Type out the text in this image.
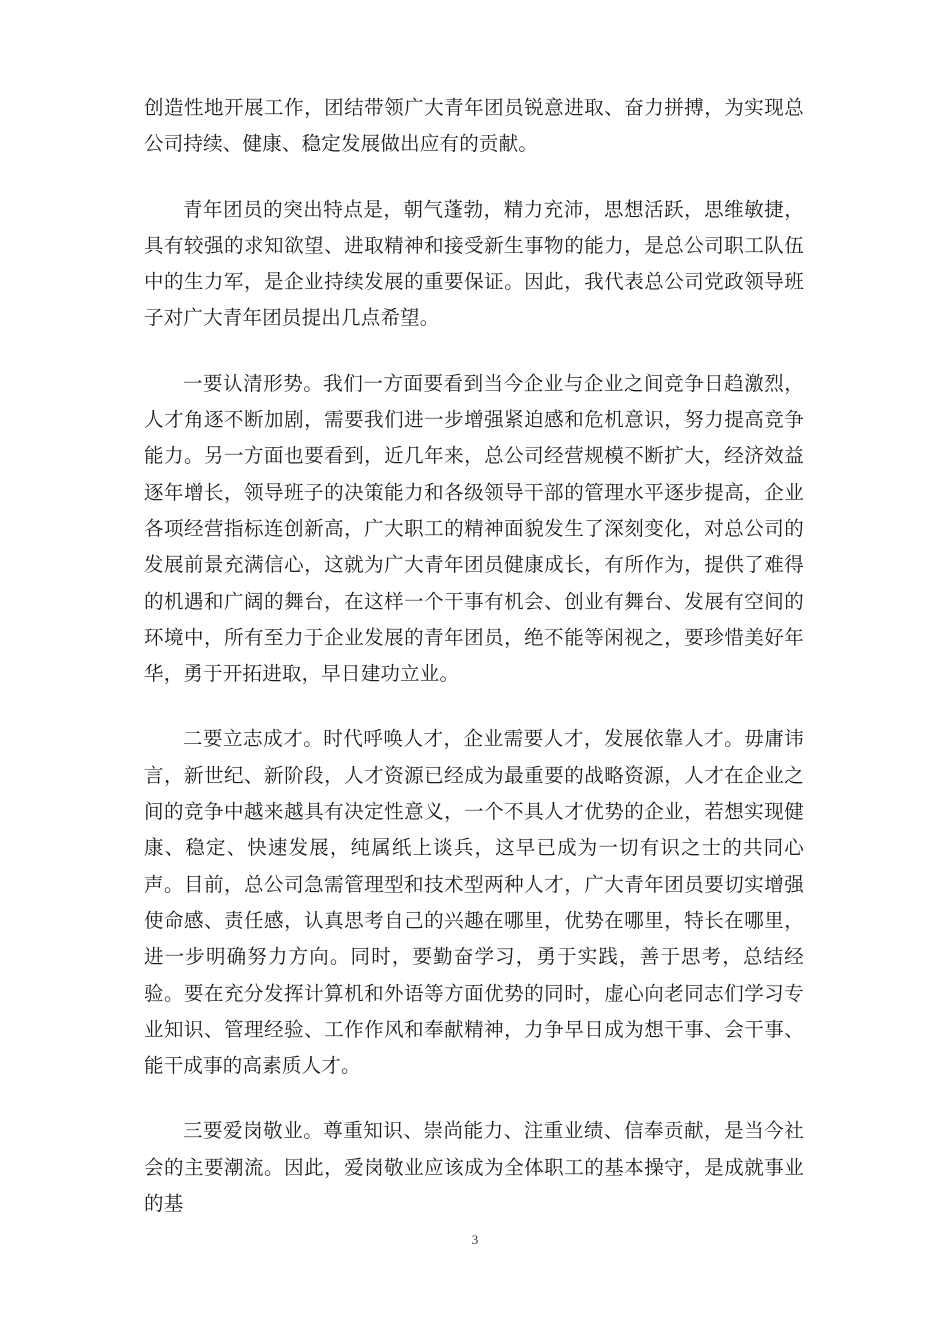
创造性地开展工作，团结带领广大青年团员锐意进取、奋力拼搏，为实现总公司持续、健康、稳定发展做出应有的贡献。

青年团员的突出特点是，朝气蓬勃，精力充沛，思想活跃，思维敏捷，具有较强的求知欲望、进取精神和接受新生事物的能力，是总公司职工队伍中的生力军，是企业持续发展的重要保证。因此，我代表总公司党政领导班子对广大青年团员提出几点希望。

一要认清形势。我们一方面要看到当今企业与企业之间竞争日趋激烈，人才角逐不断加剧，需要我们进一步增强紧迫感和危机意识，努力提高竞争能力。另一方面也要看到，近几年来，总公司经营规模不断扩大，经济效益逐年增长，领导班子的决策能力和各级领导干部的管理水平逐步提高，企业各项经营指标连创新高，广大职工的精神面貌发生了深刻变化，对总公司的发展前景充满信心，这就为广大青年团员健康成长，有所作为，提供了难得的机遇和广阔的舞台，在这样一个干事有机会、创业有舞台、发展有空间的环境中，所有至力于企业发展的青年团员，绝不能等闲视之，要珍惜美好年华，勇于开拓进取，早日建功立业。

二要立志成才。时代呼唤人才，企业需要人才，发展依靠人才。毋庸讳言，新世纪、新阶段，人才资源已经成为最重要的战略资源，人才在企业之间的竞争中越来越具有决定性意义，一个不具人才优势的企业，若想实现健康、稳定、快速发展，纯属纸上谈兵，这早已成为一切有识之士的共同心声。目前，总公司急需管理型和技术型两种人才，广大青年团员要切实增强使命感、责任感，认真思考自己的兴趣在哪里，优势在哪里，特长在哪里，进一步明确努力方向。同时，要勤奋学习，勇于实践，善于思考，总结经验。要在充分发挥计算机和外语等方面优势的同时，虚心向老同志们学习专业知识、管理经验、工作作风和奉献精神，力争早日成为想干事、会干事、能干成事的高素质人才。

三要爱岗敬业。尊重知识、崇尚能力、注重业绩、信奉贡献，是当今社会的主要潮流。因此，爱岗敬业应该成为全体职工的基本操守，是成就事业的基

3
